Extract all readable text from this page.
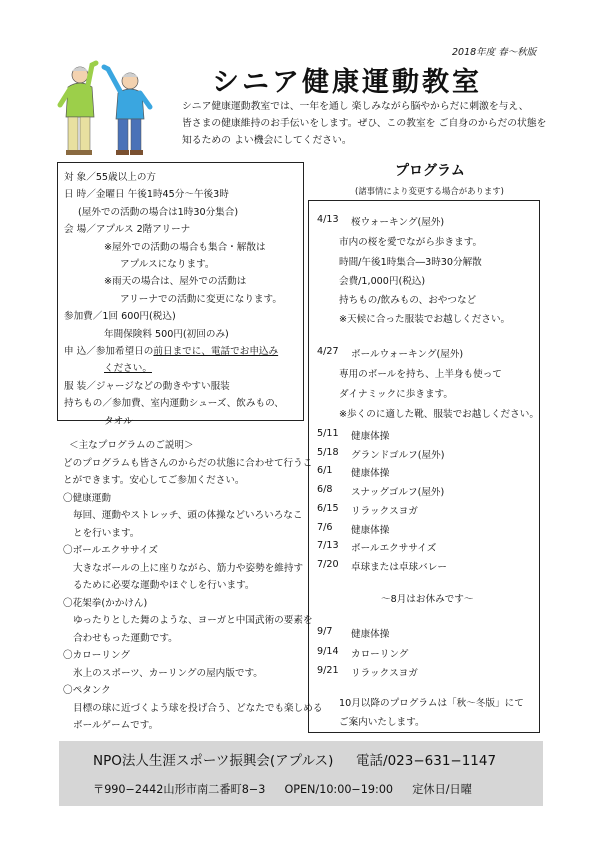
2018年度 春〜秋版
シニア健康運動教室
シニア健康運動教室では、一年を通し 楽しみながら脳やからだに刺激を与え、
皆さまの健康維持のお手伝いをします。ぜひ、この教室を ご自身のからだの状態を
知るための よい機会にしてください。
対 象／55歳以上の方
日 時／金曜日 午後1時45分〜午後3時
(屋外での活動の場合は1時30分集合)
会 場／アプルス 2階アリーナ
※屋外での活動の場合も集合・解散は
アプルスになります。
※雨天の場合は、屋外での活動は
アリーナでの活動に変更になります。
参加費／1回 600円(税込)
年間保険料 500円(初回のみ)
申 込／参加希望日の前日までに、電話でお申込み
ください。
服 装／ジャージなどの動きやすい服装
持ちもの／参加費、室内運動シューズ、飲みもの、
タオル
プログラム
(諸事情により変更する場合があります)
4/13 桜ウォーキング(屋外)
市内の桜を愛でながら歩きます。
時間/午後1時集合―3時30分解散
会費/1,000円(税込)
持ちもの/飲みもの、おやつなど
※天候に合った服装でお越しください。
4/27 ボールウォーキング(屋外)
専用のボールを持ち、上半身も使って
ダイナミックに歩きます。
※歩くのに適した靴、服装でお越しください。
5/11 健康体操
5/18 グランドゴルフ(屋外)
6/1 健康体操
6/8 スナッグゴルフ(屋外)
6/15 リラックスヨガ
7/6 健康体操
7/13 ボールエクササイズ
7/20 卓球または卓球バレー
〜8月はお休みです〜
9/7 健康体操
9/14 カローリング
9/21 リラックスヨガ
10月以降のプログラムは「秋〜冬版」にて
ご案内いたします。
＜主なプログラムのご説明＞
どのプログラムも皆さんのからだの状態に合わせて行うこ
とができます。安心してご参加ください。
〇健康運動
毎回、運動やストレッチ、頭の体操などいろいろなこ
とを行います。
〇ボールエクササイズ
大きなボールの上に座りながら、筋力や姿勢を維持す
るために必要な運動やほぐしを行います。
〇花架拳(かかけん)
ゆったりとした舞のような、ヨーガと中国武術の要素を
合わせもった運動です。
〇カローリング
氷上のスポーツ、カーリングの屋内版です。
〇ペタンク
目標の球に近づくよう球を投げ合う、どなたでも楽しめる
ボールゲームです。
NPO法人生涯スポーツ振興会(アプルス) 電話/023−631−1147
〒990−2442山形市南二番町8−3 OPEN/10:00−19:00 定休日/日曜
